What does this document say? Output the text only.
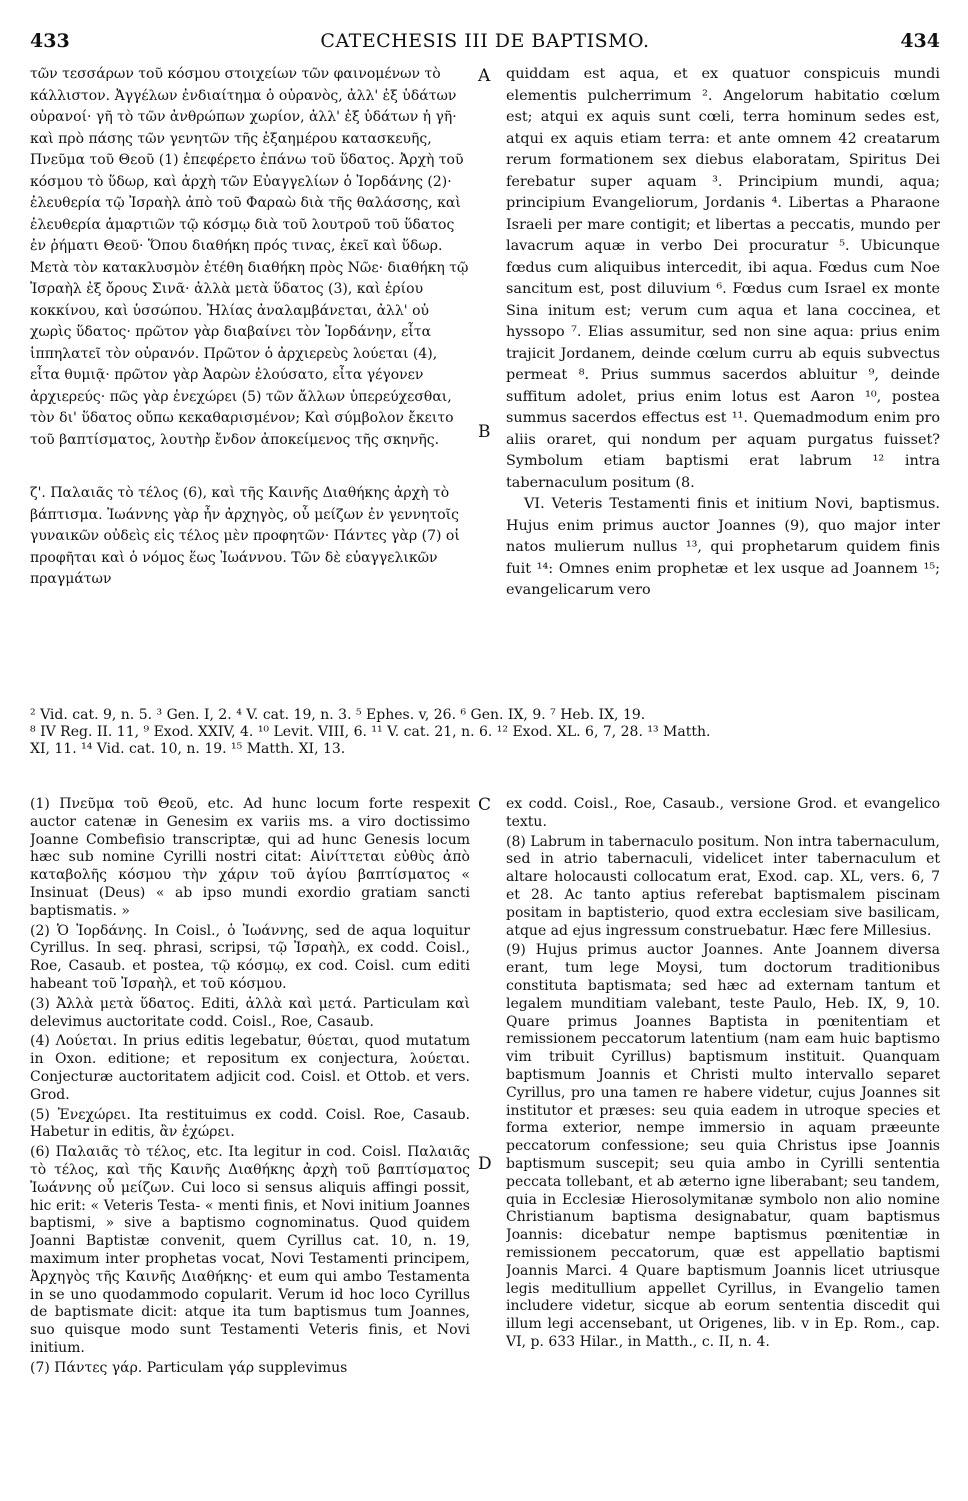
433	CATECHESIS III DE BAPTISMO.	434
A
B
C
D

τῶν τεσσάρων τοῦ κόσμου στοιχείων τῶν φαινομένων τὸ κάλλιστον. Ἀγγέλων ἐνδιαίτημα ὁ οὐρανὸς, ἀλλ' ἐξ ὑδάτων οὐρανοί· γῆ τὸ τῶν ἀνθρώπων χωρίον, ἀλλ' ἐξ ὑδάτων ἡ γῆ· καὶ πρὸ πάσης τῶν γενητῶν τῆς ἑξαημέρου κατασκευῆς, Πνεῦμα τοῦ Θεοῦ (1) ἐπεφέρετο ἐπάνω τοῦ ὕδατος. Ἀρχὴ τοῦ κόσμου τὸ ὕδωρ, καὶ ἀρχὴ τῶν Εὐαγγελίων ὁ Ἰορδάνης (2)· ἐλευθερία τῷ Ἰσραὴλ ἀπὸ τοῦ Φαραὼ διὰ τῆς θαλάσσης, καὶ ἐλευθερία ἁμαρτιῶν τῷ κόσμῳ διὰ τοῦ λουτροῦ τοῦ ὕδατος ἐν ῥήματι Θεοῦ· Ὅπου διαθήκη πρός τινας, ἐκεῖ καὶ ὕδωρ. Μετὰ τὸν κατακλυσμὸν ἐτέθη διαθήκη πρὸς Νῶε· διαθήκη τῷ Ἰσραὴλ ἐξ ὄρους Σινᾶ· ἀλλὰ μετὰ ὕδατος (3), καὶ ἐρίου κοκκίνου, καὶ ὑσσώπου. Ἠλίας ἀναλαμβάνεται, ἀλλ' οὐ χωρὶς ὕδατος· πρῶτον γὰρ διαβαίνει τὸν Ἰορδάνην, εἶτα ἱππηλατεῖ τὸν οὐρανόν. Πρῶτον ὁ ἀρχιερεὺς λούεται (4), εἶτα θυμιᾷ· πρῶτον γὰρ Ἀαρὼν ἐλούσατο, εἶτα γέγονεν ἀρχιερεύς· πῶς γὰρ ἐνεχώρει (5) τῶν ἄλλων ὑπερεύχεσθαι, τὸν δι' ὕδατος οὔπω κεκαθαρισμένον; Καὶ σύμβολον ἔκειτο τοῦ βαπτίσματος, λουτὴρ ἔνδον ἀποκείμενος τῆς σκηνῆς.

ζ'. Παλαιᾶς τὸ τέλος (6), καὶ τῆς Καινῆς Διαθήκης ἀρχὴ τὸ βάπτισμα. Ἰωάννης γὰρ ἦν ἀρχηγὸς, οὗ μείζων ἐν γεννητοῖς γυναικῶν οὐδεὶς εἰς τέλος μὲν προφητῶν· Πάντες γὰρ (7) οἱ προφῆται καὶ ὁ νόμος ἕως Ἰωάννου. Τῶν δὲ εὐαγγελικῶν πραγμάτων

quiddam est aqua, et ex quatuor conspicuis mundi elementis pulcherrimum ². Angelorum habitatio cœlum est; atqui ex aquis sunt cœli, terra hominum sedes est, atqui ex aquis etiam terra: et ante omnem 42 creatarum rerum formationem sex diebus elaboratam, Spiritus Dei ferebatur super aquam ³. Principium mundi, aqua; principium Evangeliorum, Jordanis ⁴. Libertas a Pharaone Israeli per mare contigit; et libertas a peccatis, mundo per lavacrum aquæ in verbo Dei procuratur ⁵. Ubicunque fœdus cum aliquibus intercedit, ibi aqua. Fœdus cum Noe sancitum est, post diluvium ⁶. Fœdus cum Israel ex monte Sina initum est; verum cum aqua et lana coccinea, et hyssopo ⁷. Elias assumitur, sed non sine aqua: prius enim trajicit Jordanem, deinde cœlum curru ab equis subvectus permeat ⁸. Prius summus sacerdos abluitur ⁹, deinde suffitum adolet, prius enim lotus est Aaron ¹⁰, postea summus sacerdos effectus est ¹¹. Quemadmodum enim pro aliis oraret, qui nondum per aquam purgatus fuisset? Symbolum etiam baptismi erat labrum ¹² intra tabernaculum positum (8.

VI. Veteris Testamenti finis et initium Novi, baptismus. Hujus enim primus auctor Joannes (9), quo major inter natos mulierum nullus ¹³, qui prophetarum quidem finis fuit ¹⁴: Omnes enim prophetæ et lex usque ad Joannem ¹⁵; evangelicarum vero

² Vid. cat. 9, n. 5. ³ Gen. I, 2. ⁴ V. cat. 19, n. 3. ⁵ Ephes. v, 26. ⁶ Gen. IX, 9. ⁷ Heb. IX, 19.
⁸ IV Reg. II. 11, ⁹ Exod. XXIV, 4. ¹⁰ Levit. VIII, 6. ¹¹ V. cat. 21, n. 6. ¹² Exod. XL. 6, 7, 28. ¹³ Matth.
XI, 11. ¹⁴ Vid. cat. 10, n. 19. ¹⁵ Matth. XI, 13.

(1) Πνεῦμα τοῦ Θεοῦ, etc. Ad hunc locum forte respexit auctor catenæ in Genesim ex variis ms. a viro doctissimo Joanne Combefisio transcriptæ, qui ad hunc Genesis locum hæc sub nomine Cyrilli nostri citat: Αἰνίττεται εὐθὺς ἀπὸ καταβολῆς κόσμου τὴν χάριν τοῦ ἁγίου βαπτίσματος « Insinuat (Deus) « ab ipso mundi exordio gratiam sancti baptismatis. »

(2) Ὁ Ἰορδάνης. In Coisl., ὁ Ἰωάννης, sed de aqua loquitur Cyrillus. In seq. phrasi, scripsi, τῷ Ἰσραὴλ, ex codd. Coisl., Roe, Casaub. et postea, τῷ κόσμῳ, ex cod. Coisl. cum editi habeant τοῦ Ἰσραὴλ, et τοῦ κόσμου.

(3) Ἀλλὰ μετὰ ὕδατος. Editi, ἀλλὰ καὶ μετά. Particulam καὶ delevimus auctoritate codd. Coisl., Roe, Casaub.

(4) Λούεται. In prius editis legebatur, θύεται, quod mutatum in Oxon. editione; et repositum ex conjectura, λούεται. Conjecturæ auctoritatem adjicit cod. Coisl. et Ottob. et vers. Grod.

(5) Ἐνεχώρει. Ita restituimus ex codd. Coisl. Roe, Casaub. Habetur in editis, ἂν ἐχώρει.

(6) Παλαιᾶς τὸ τέλος, etc. Ita legitur in cod. Coisl. Παλαιᾶς τὸ τέλος, καὶ τῆς Καινῆς Διαθήκης ἀρχὴ τοῦ βαπτίσματος Ἰωάννης οὗ μείζων. Cui loco si sensus aliquis affingi possit, hic erit: « Veteris Testa- « menti finis, et Novi initium Joannes baptismi, » sive a baptismo cognominatus. Quod quidem Joanni Baptistæ convenit, quem Cyrillus cat. 10, n. 19, maximum inter prophetas vocat, Novi Testamenti principem, Ἀρχηγὸς τῆς Καινῆς Διαθήκης· et eum qui ambo Testamenta in se uno quodammodo copularit. Verum id hoc loco Cyrillus de baptismate dicit: atque ita tum baptismus tum Joannes, suo quisque modo sunt Testamenti Veteris finis, et Novi initium.

(7) Πάντες γάρ. Particulam γάρ supplevimus

ex codd. Coisl., Roe, Casaub., versione Grod. et evangelico textu.

(8) Labrum in tabernaculo positum. Non intra tabernaculum, sed in atrio tabernaculi, videlicet inter tabernaculum et altare holocausti collocatum erat, Exod. cap. XL, vers. 6, 7 et 28. Ac tanto aptius referebat baptismalem piscinam positam in baptisterio, quod extra ecclesiam sive basilicam, atque ad ejus ingressum construebatur. Hæc fere Millesius.

(9) Hujus primus auctor Joannes. Ante Joannem diversa erant, tum lege Moysi, tum doctorum traditionibus constituta baptismata; sed hæc ad externam tantum et legalem munditiam valebant, teste Paulo, Heb. IX, 9, 10. Quare primus Joannes Baptista in pœnitentiam et remissionem peccatorum latentium (nam eam huic baptismo vim tribuit Cyrillus) baptismum instituit. Quanquam baptismum Joannis et Christi multo intervallo separet Cyrillus, pro una tamen re habere videtur, cujus Joannes sit institutor et præses: seu quia eadem in utroque species et forma exterior, nempe immersio in aquam præeunte peccatorum confessione; seu quia Christus ipse Joannis baptismum suscepit; seu quia ambo in Cyrilli sententia peccata tollebant, et ab æterno igne liberabant; seu tandem, quia in Ecclesiæ Hierosolymitanæ symbolo non alio nomine Christianum baptisma designabatur, quam baptismus Joannis: dicebatur nempe baptismus pœnitentiæ in remissionem peccatorum, quæ est appellatio baptismi Joannis Marci. 4 Quare baptismum Joannis licet utriusque legis meditullium appellet Cyrillus, in Evangelio tamen includere videtur, sicque ab eorum sententia discedit qui illum legi accensebant, ut Origenes, lib. v in Ep. Rom., cap. VI, p. 633 Hilar., in Matth., c. II, n. 4.
